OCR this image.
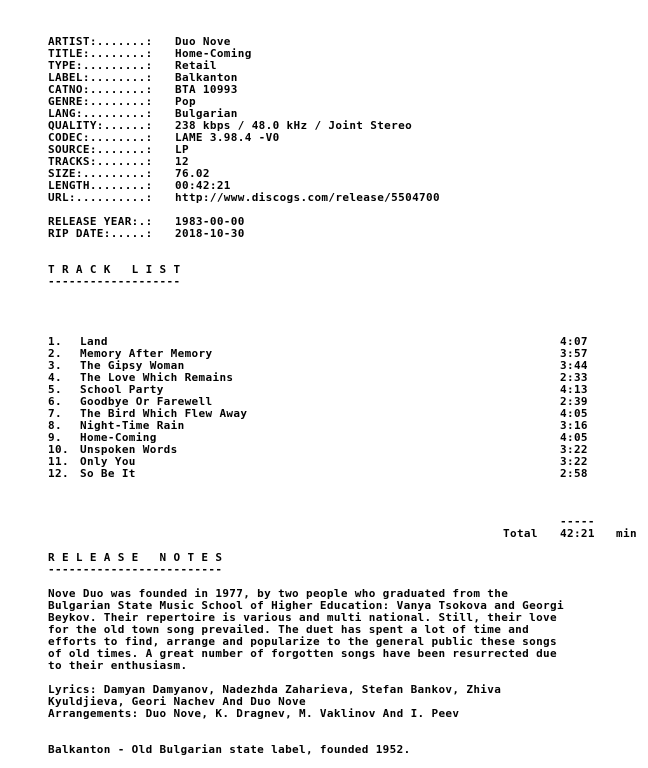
ARTIST:.......: Duo Nove
TITLE:........: Home-Coming
TYPE:.........: Retail
LABEL:........: Balkanton
CATNO:........: BTA 10993
GENRE:........: Pop
LANG:.........: Bulgarian
QUALITY:......: 238 kbps / 48.0 kHz / Joint Stereo
CODEC:........: LAME 3.98.4 -V0
SOURCE:.......: LP
TRACKS:.......: 12
SIZE:.........: 76.02
LENGTH........: 00:42:21
URL:..........: http://www.discogs.com/release/5504700
RELEASE YEAR:.: 1983-00-00
RIP DATE:.....: 2018-10-30
T R A C K   L I S T
-------------------
1. Land	4:07
2. Memory After Memory	3:57
3. The Gipsy Woman	3:44
4. The Love Which Remains	2:33
5. School Party	4:13
6. Goodbye Or Farewell	2:39
7. The Bird Which Flew Away	4:05
8. Night-Time Rain	3:16
9. Home-Coming	4:05
10. Unspoken Words	3:22
11. Only You	3:22
12. So Be It	2:58
-----
Total 42:21 min
R E L E A S E   N O T E S
-------------------------
Nove Duo was founded in 1977, by two people who graduated from the
Bulgarian State Music School of Higher Education: Vanya Tsokova and Georgi
Beykov. Their repertoire is various and multi national. Still, their love
for the old town song prevailed. The duet has spent a lot of time and
efforts to find, arrange and popularize to the general public these songs
of old times. A great number of forgotten songs have been resurrected due
to their enthusiasm.
Lyrics: Damyan Damyanov, Nadezhda Zaharieva, Stefan Bankov, Zhiva
Kyuldjieva, Geori Nachev And Duo Nove
Arrangements: Duo Nove, K. Dragnev, M. Vaklinov And I. Peev
Balkanton - Old Bulgarian state label, founded 1952.
